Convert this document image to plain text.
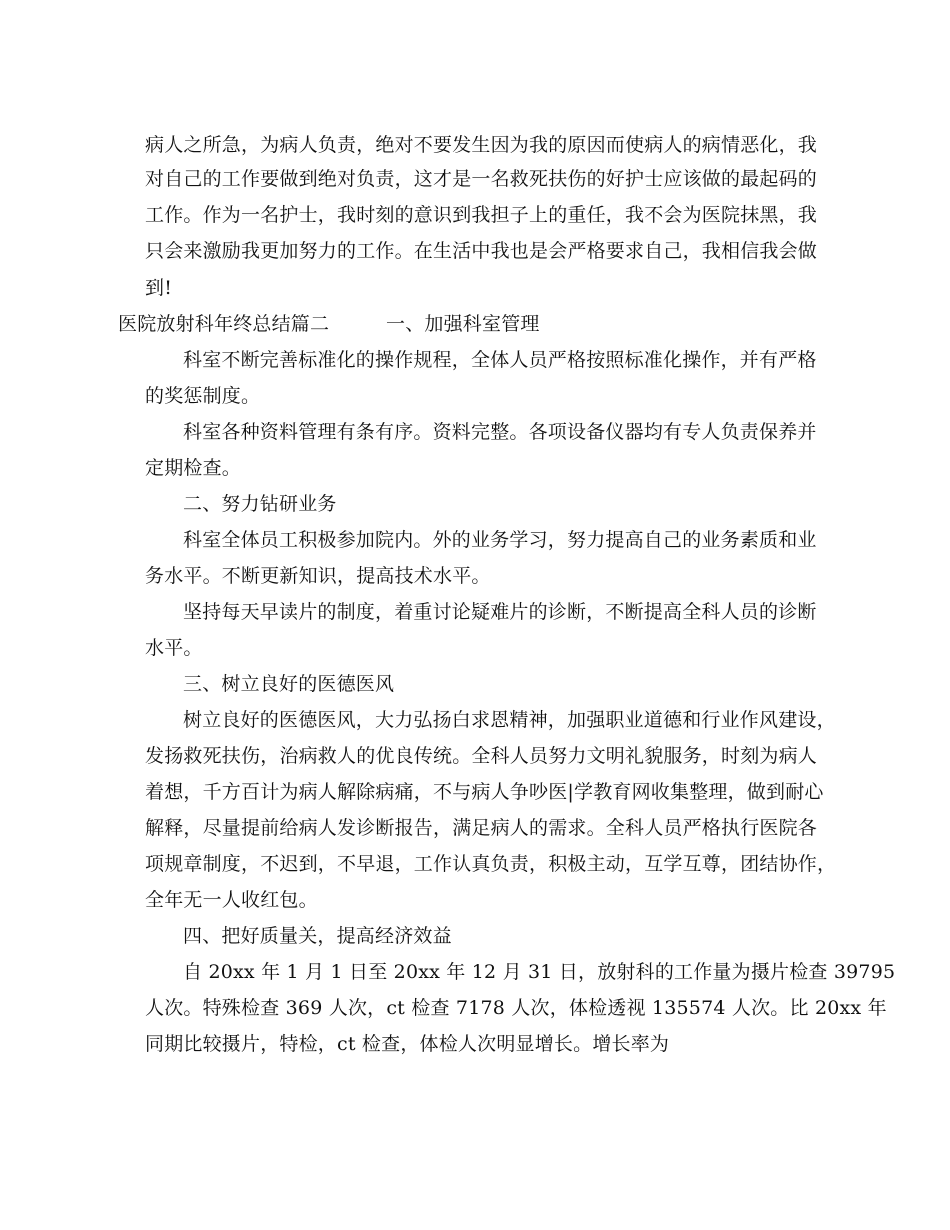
病人之所急，为病人负责，绝对不要发生因为我的原因而使病人的病情恶化，我
对自己的工作要做到绝对负责，这才是一名救死扶伤的好护士应该做的最起码的
工作。作为一名护士，我时刻的意识到我担子上的重任，我不会为医院抹黑，我
只会来激励我更加努力的工作。在生活中我也是会严格要求自己，我相信我会做
到!
医院放射科年终总结篇二	一、加强科室管理
科室不断完善标准化的操作规程，全体人员严格按照标准化操作，并有严格
的奖惩制度。
科室各种资料管理有条有序。资料完整。各项设备仪器均有专人负责保养并
定期检查。
二、努力钻研业务
科室全体员工积极参加院内。外的业务学习，努力提高自己的业务素质和业
务水平。不断更新知识，提高技术水平。
坚持每天早读片的制度，着重讨论疑难片的诊断，不断提高全科人员的诊断
水平。
三、树立良好的医德医风
树立良好的医德医风，大力弘扬白求恩精神，加强职业道德和行业作风建设，
发扬救死扶伤，治病救人的优良传统。全科人员努力文明礼貌服务，时刻为病人
着想，千方百计为病人解除病痛，不与病人争吵医|学教育网收集整理，做到耐心
解释，尽量提前给病人发诊断报告，满足病人的需求。全科人员严格执行医院各
项规章制度，不迟到，不早退，工作认真负责，积极主动，互学互尊，团结协作，
全年无一人收红包。
四、把好质量关，提高经济效益
自 20xx 年 1 月 1 日至 20xx 年 12 月 31 日，放射科的工作量为摄片检查 39795
人次。特殊检查 369 人次，ct 检查 7178 人次，体检透视 135574 人次。比 20xx 年
同期比较摄片，特检，ct 检查，体检人次明显增长。增长率为
